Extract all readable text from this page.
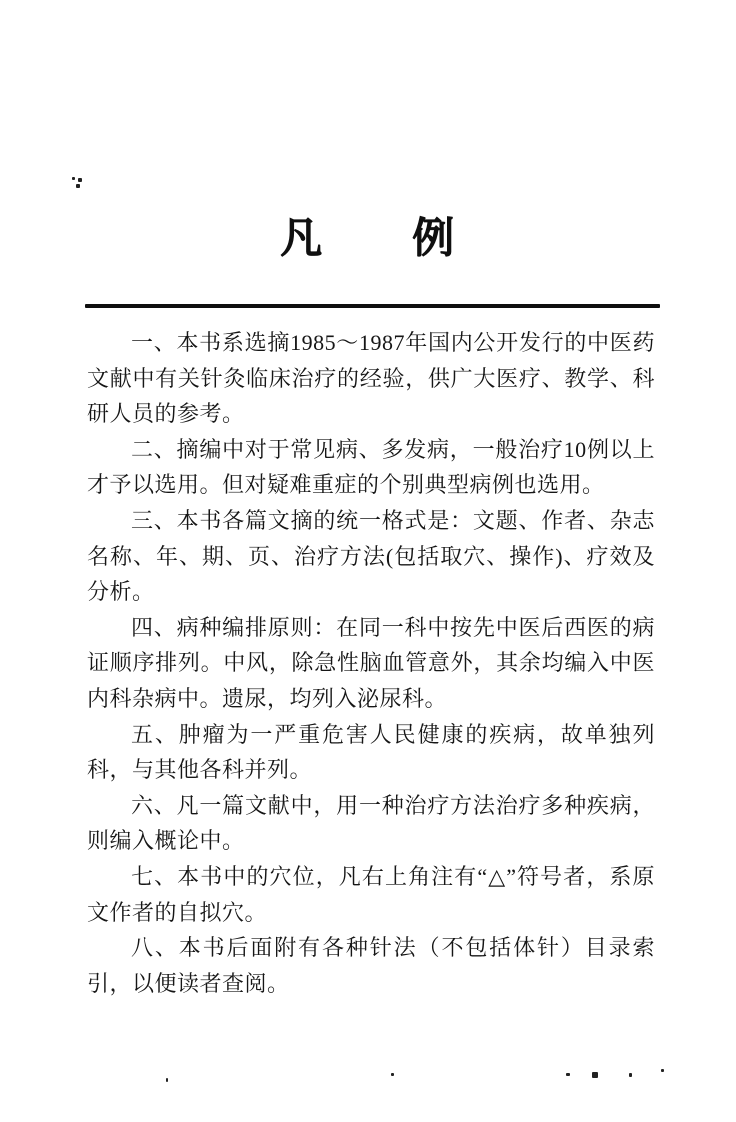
凡　　例

一、本书系选摘1985～1987年国内公开发行的中医药文献中有关针灸临床治疗的经验，供广大医疗、教学、科研人员的参考。

二、摘编中对于常见病、多发病，一般治疗10例以上才予以选用。但对疑难重症的个别典型病例也选用。

三、本书各篇文摘的统一格式是：文题、作者、杂志名称、年、期、页、治疗方法(包括取穴、操作)、疗效及分析。

四、病种编排原则：在同一科中按先中医后西医的病证顺序排列。中风，除急性脑血管意外，其余均编入中医内科杂病中。遗尿，均列入泌尿科。

五、肿瘤为一严重危害人民健康的疾病，故单独列科，与其他各科并列。

六、凡一篇文献中，用一种治疗方法治疗多种疾病，则编入概论中。

七、本书中的穴位，凡右上角注有“△”符号者，系原文作者的自拟穴。

八、本书后面附有各种针法（不包括体针）目录索引，以便读者查阅。
